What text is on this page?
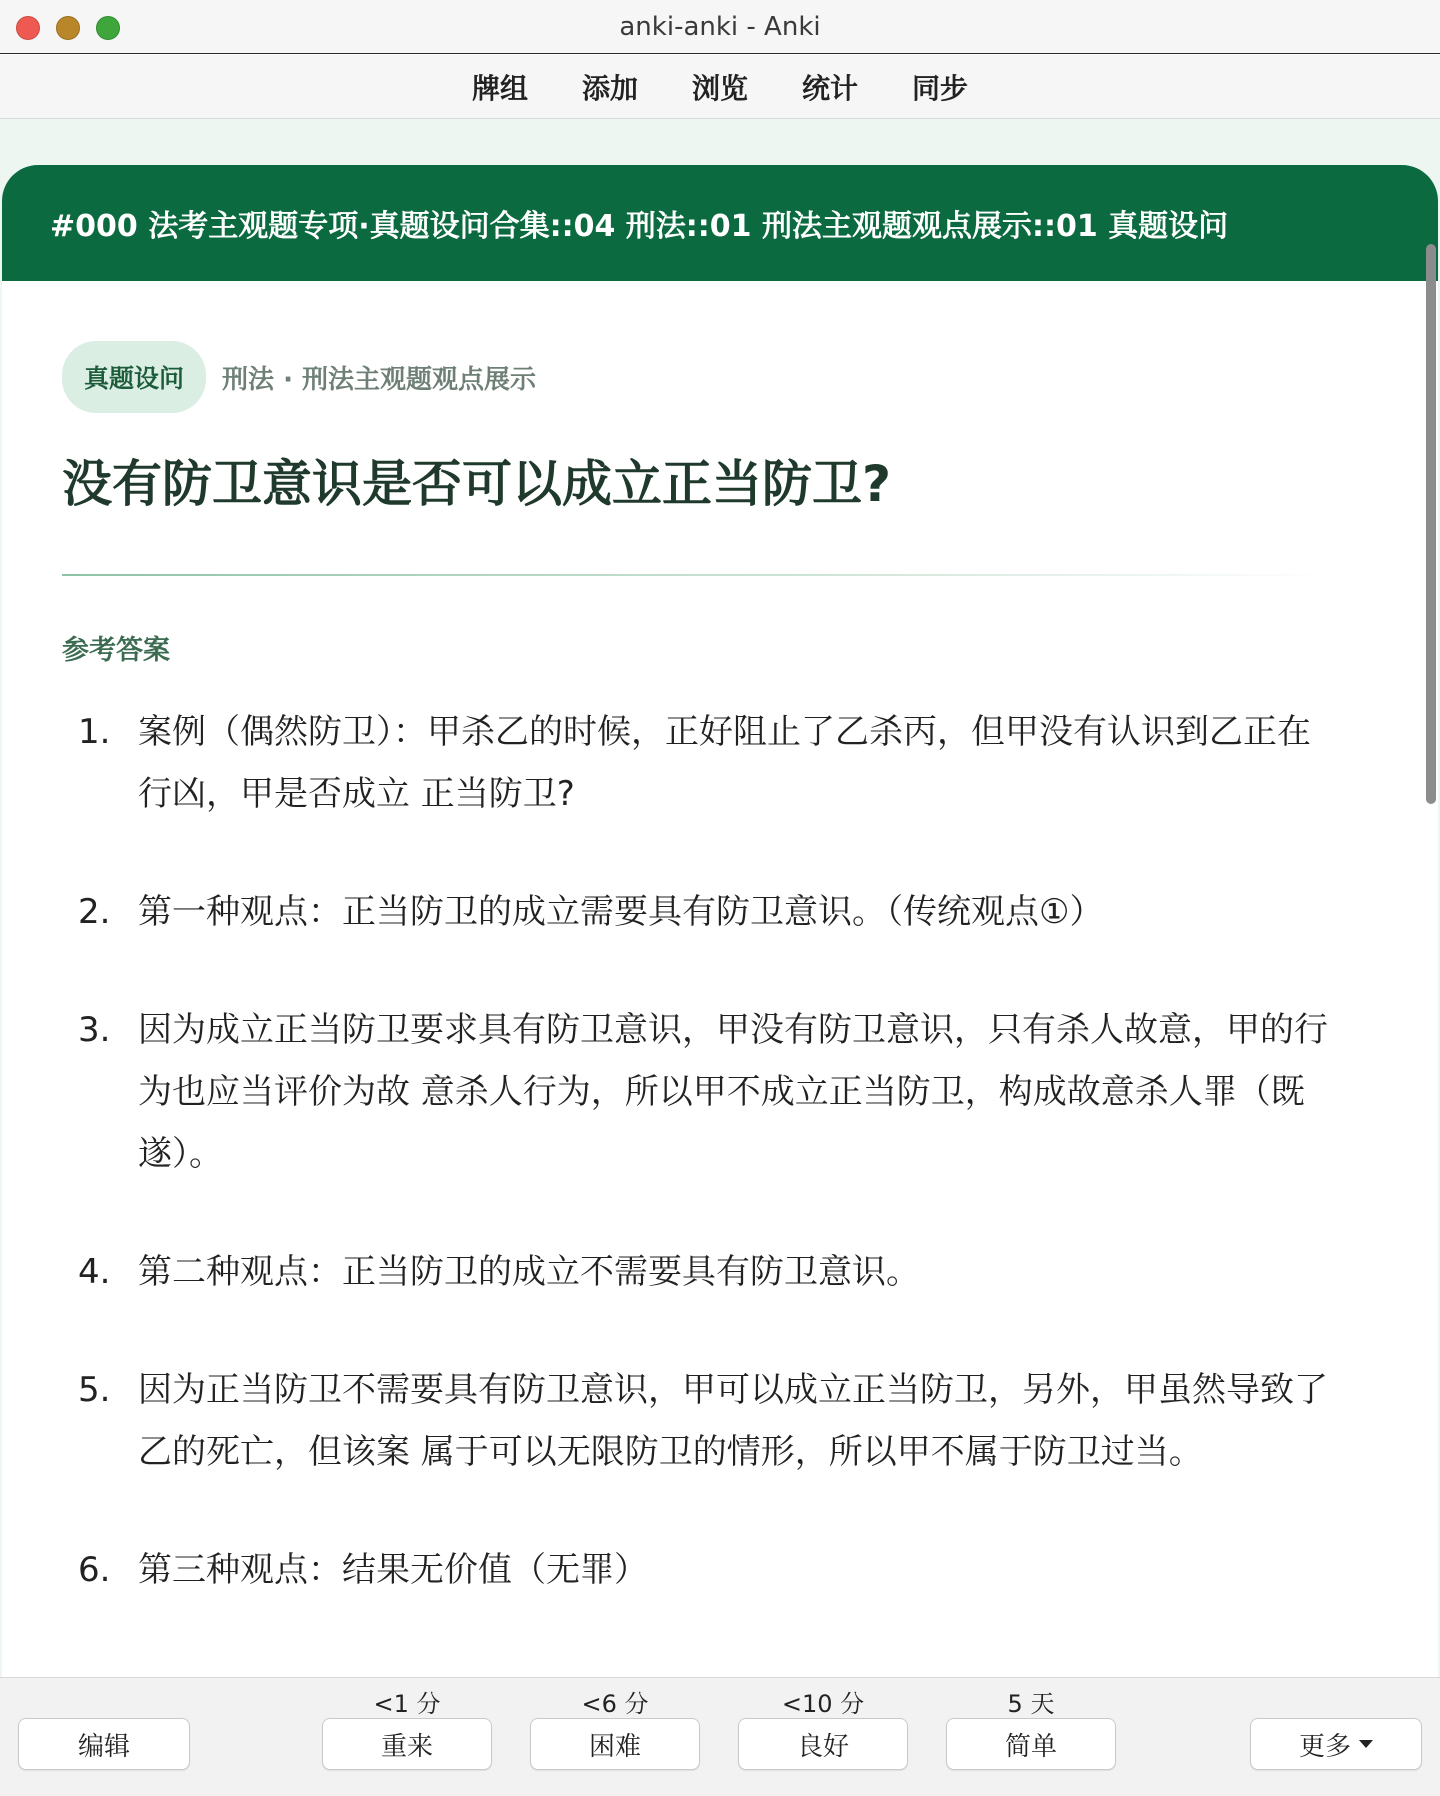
anki-anki - Anki
牌组 添加 浏览 统计 同步
#000 法考主观题专项·真题设问合集::04 刑法::01 刑法主观题观点展示::01 真题设问
真题设问	刑法 · 刑法主观题观点展示
没有防卫意识是否可以成立正当防卫?
参考答案
1. 案例（偶然防卫）：甲杀乙的时候，正好阻止了乙杀丙，但甲没有认识到乙正在行凶，甲是否成立 正当防卫?
2. 第一种观点：正当防卫的成立需要具有防卫意识。（传统观点①）
3. 因为成立正当防卫要求具有防卫意识，甲没有防卫意识，只有杀人故意，甲的行为也应当评价为故 意杀人行为，所以甲不成立正当防卫，构成故意杀人罪（既遂）。
4. 第二种观点：正当防卫的成立不需要具有防卫意识。
5. 因为正当防卫不需要具有防卫意识，甲可以成立正当防卫，另外，甲虽然导致了乙的死亡，但该案 属于可以无限防卫的情形，所以甲不属于防卫过当。
6. 第三种观点：结果无价值（无罪）
编辑
<1 分
重来
<6 分
困难
<10 分
良好
5 天
简单	更多
